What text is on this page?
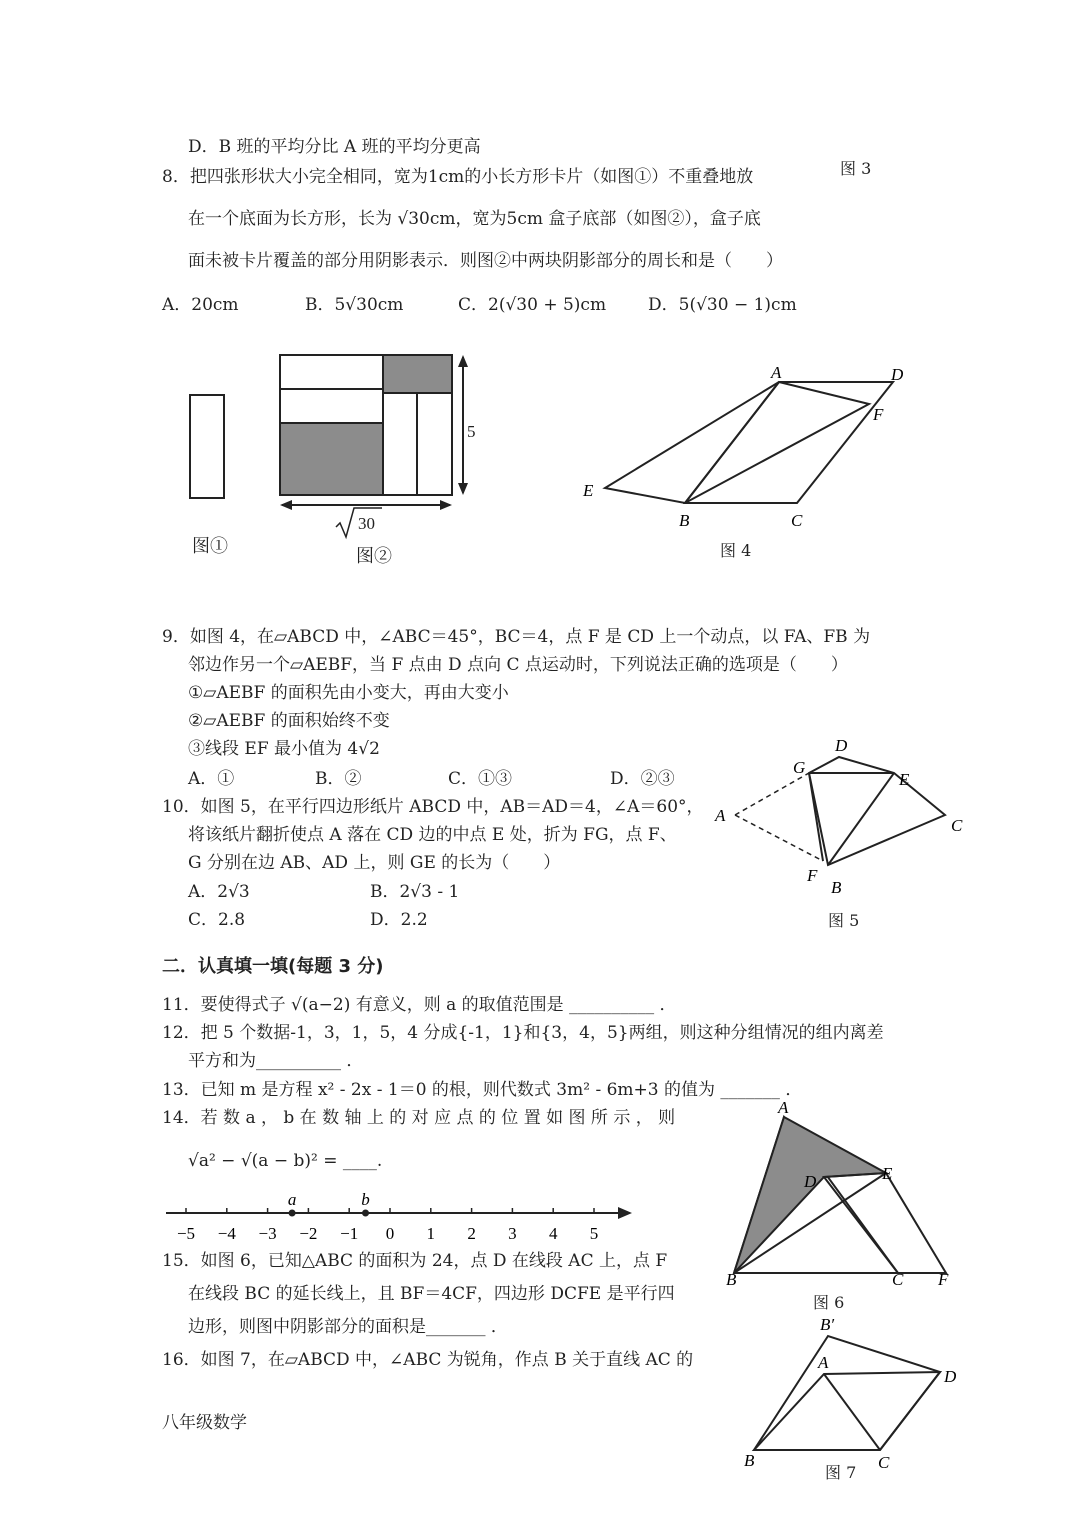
D．B 班的平均分比 A 班的平均分更高
图 3
8．把四张形状大小完全相同，宽为1cm的小长方形卡片（如图①）不重叠地放
在一个底面为长方形，长为 √30cm，宽为5cm 盒子底部（如图②），盒子底
面未被卡片覆盖的部分用阴影表示．则图②中两块阴影部分的周长和是（　　）
A．20cm	B．5√30cm	C．2(√30 + 5)cm D．5(√30 − 1)cm
图①
5
30
图②
A	D
F
E
B	C
图 4
9．如图 4，在▱ABCD 中，∠ABC＝45°，BC＝4，点 F 是 CD 上一个动点，以 FA、FB 为
邻边作另一个▱AEBF，当 F 点由 D 点向 C 点运动时，下列说法正确的选项是（　　）
①▱AEBF 的面积先由小变大，再由大变小
②▱AEBF 的面积始终不变
③线段 EF 最小值为 4√2
A．①	B．②	C．①③	D．②③
D
G
E
A
C
F
B
图 5
10．如图 5，在平行四边形纸片 ABCD 中，AB＝AD＝4，∠A＝60°，
将该纸片翻折使点 A 落在 CD 边的中点 E 处，折为 FG，点 F、
G 分别在边 AB、AD 上，则 GE 的长为（　　）
A．2√3	B．2√3 - 1
C．2.8	D．2.2
二．认真填一填(每题 3 分)
11．要使得式子 √(a−2) 有意义，则 a 的取值范围是 __________ ．
12．把 5 个数据-1，3，1，5，4 分成{-1，1}和{3，4，5}两组，则这种分组情况的组内离差
平方和为__________ ．
13．已知 m 是方程 x² - 2x - 1＝0 的根，则代数式 3m² - 6m+3 的值为 _______ ．
14．若 数 a ， b 在 数 轴 上 的 对 应 点 的 位 置 如 图 所 示 ， 则
√a² − √(a − b)² = ____.
−5 −4 −3 −2 −1 0 1 2 3 4 5
a	b
A
D	E
B	C F
图 6
15．如图 6，已知△ABC 的面积为 24，点 D 在线段 AC 上，点 F
在线段 BC 的延长线上，且 BF＝4CF，四边形 DCFE 是平行四
边形，则图中阴影部分的面积是_______ ．
16．如图 7，在▱ABCD 中，∠ABC 为锐角，作点 B 关于直线 AC 的
B′
A
D
B	C
图 7
八年级数学
